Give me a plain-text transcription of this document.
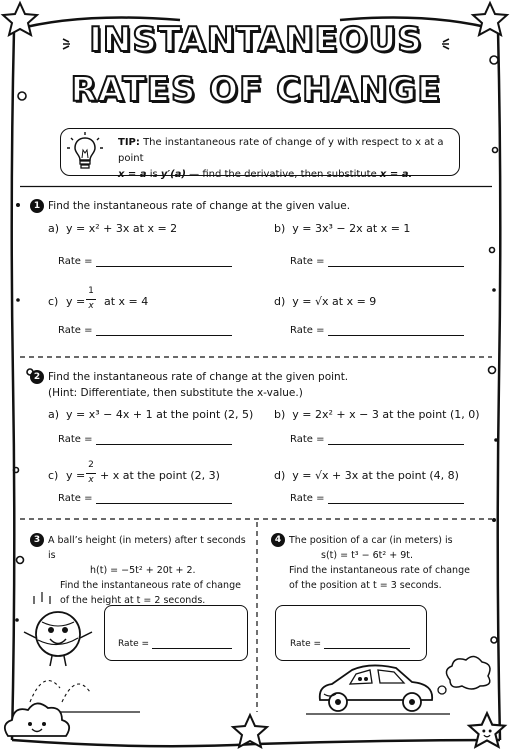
INSTANTANEOUS
RATES OF CHANGE
TIP: The instantaneous rate of change of y with respect to x at a point
x = a is y′(a) — find the derivative, then substitute x = a.
1 Find the instantaneous rate of change at the given value.
a) y = x² + 3x at x = 2	b) y = 3x³ − 2x at x = 1
Rate =	Rate =
c) y =
1
x at x = 4	d) y = √x at x = 9
Rate =	Rate =
2 Find the instantaneous rate of change at the given point.
(Hint: Differentiate, then substitute the x-value.)
a) y = x³ − 4x + 1 at the point (2, 5) b) y = 2x² + x − 3 at the point (1, 0)
Rate =	Rate =
c) y =
2
x + x at the point (2, 3)	d) y = √x + 3x at the point (4, 8)
Rate =	Rate =
3 A ball’s height (in meters) after t seconds is
h(t) = −5t² + 20t + 2.
Find the instantaneous rate of change
of the height at t = 2 seconds.
Rate =
4 The position of a car (in meters) is
s(t) = t³ − 6t² + 9t.
Find the instantaneous rate of change
of the position at t = 3 seconds.
Rate =
